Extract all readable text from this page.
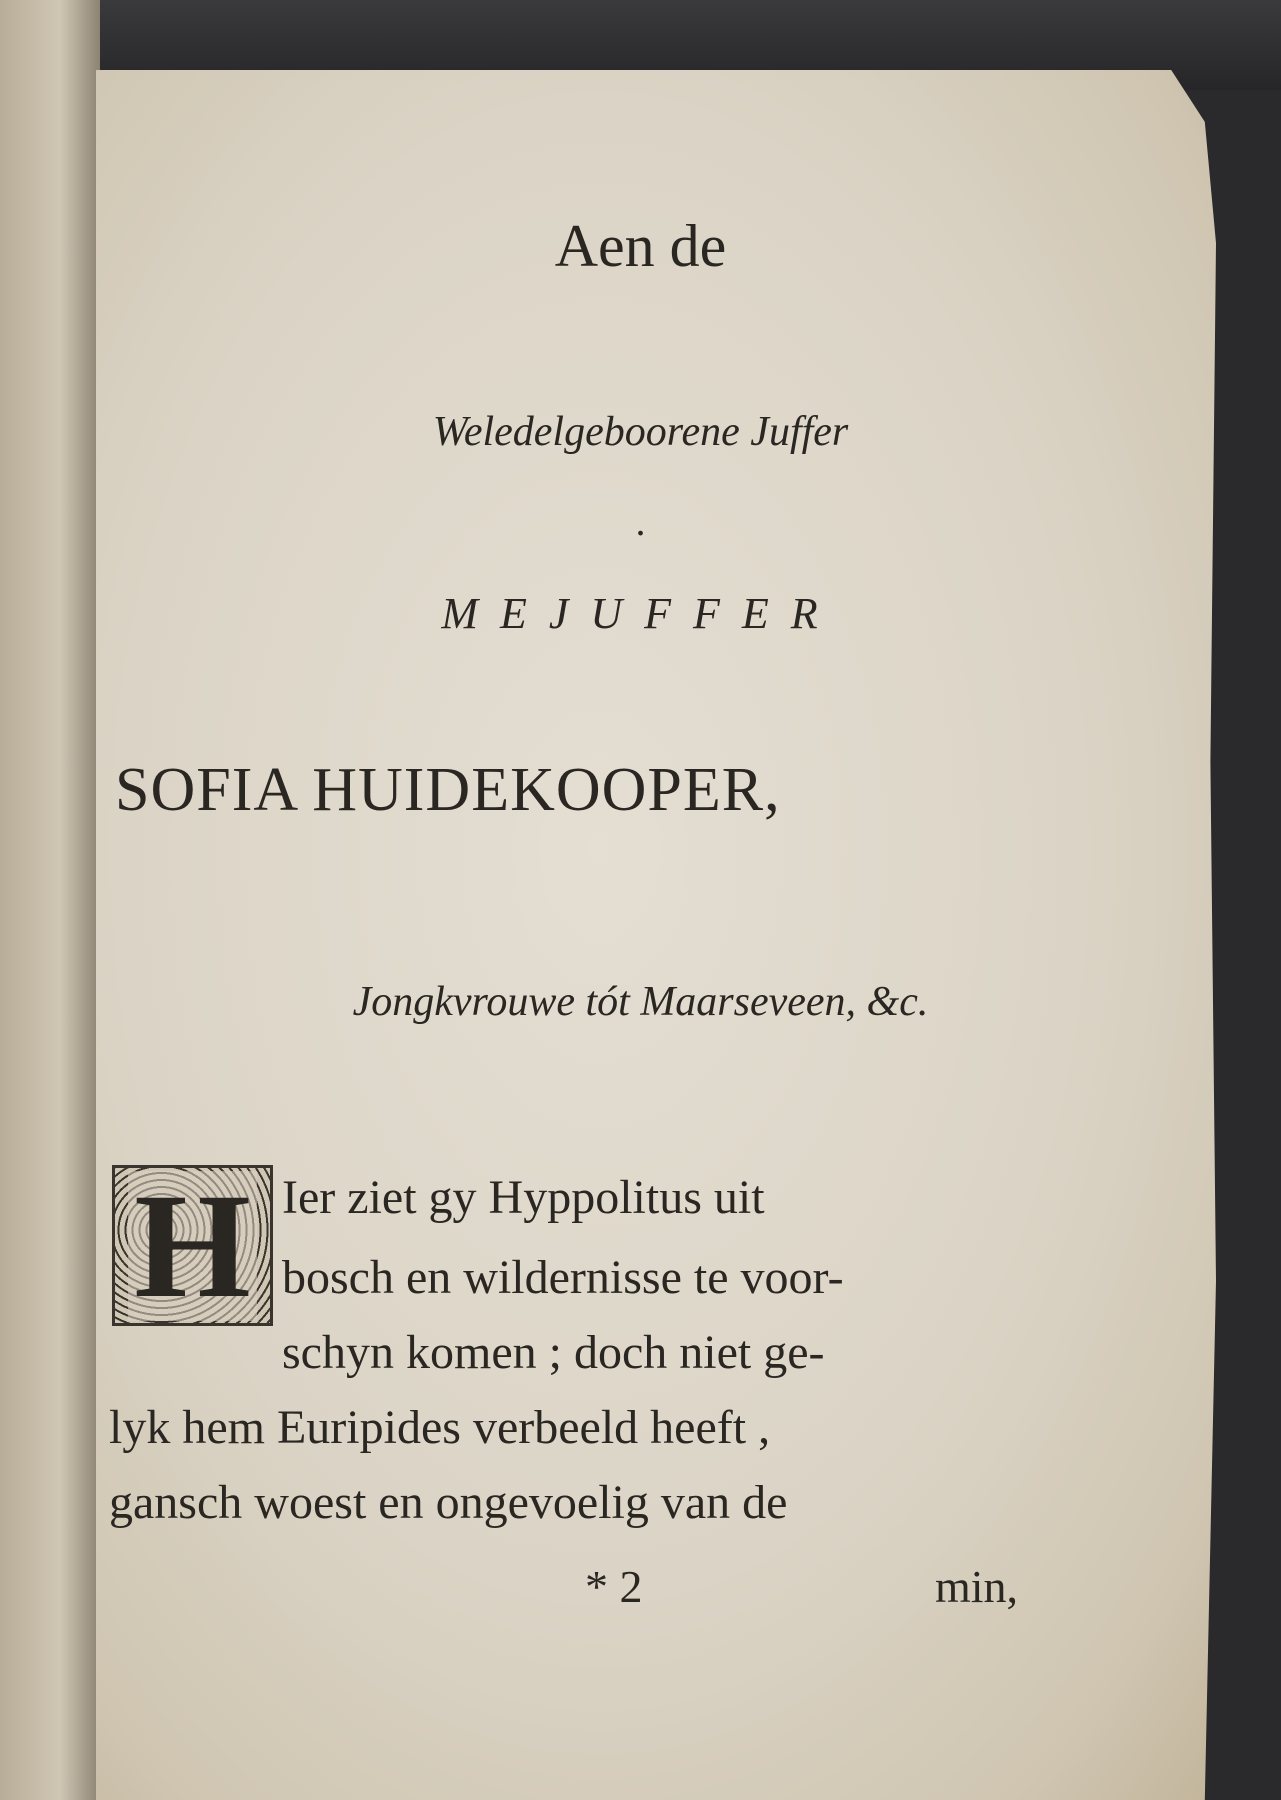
Aen de
Weledelgeboorene Juffer
.
MEJUFFER
SOFIA HUIDEKOOPER,
Jongkvrouwe tót Maarseveen, &c.
H Ier ziet gy Hyppolitus uit
bosch en wildernisse te voor-
schyn komen ; doch niet ge-
lyk hem Euripides verbeeld heeft ,
gansch woest en ongevoelig van de
* 2	min,
